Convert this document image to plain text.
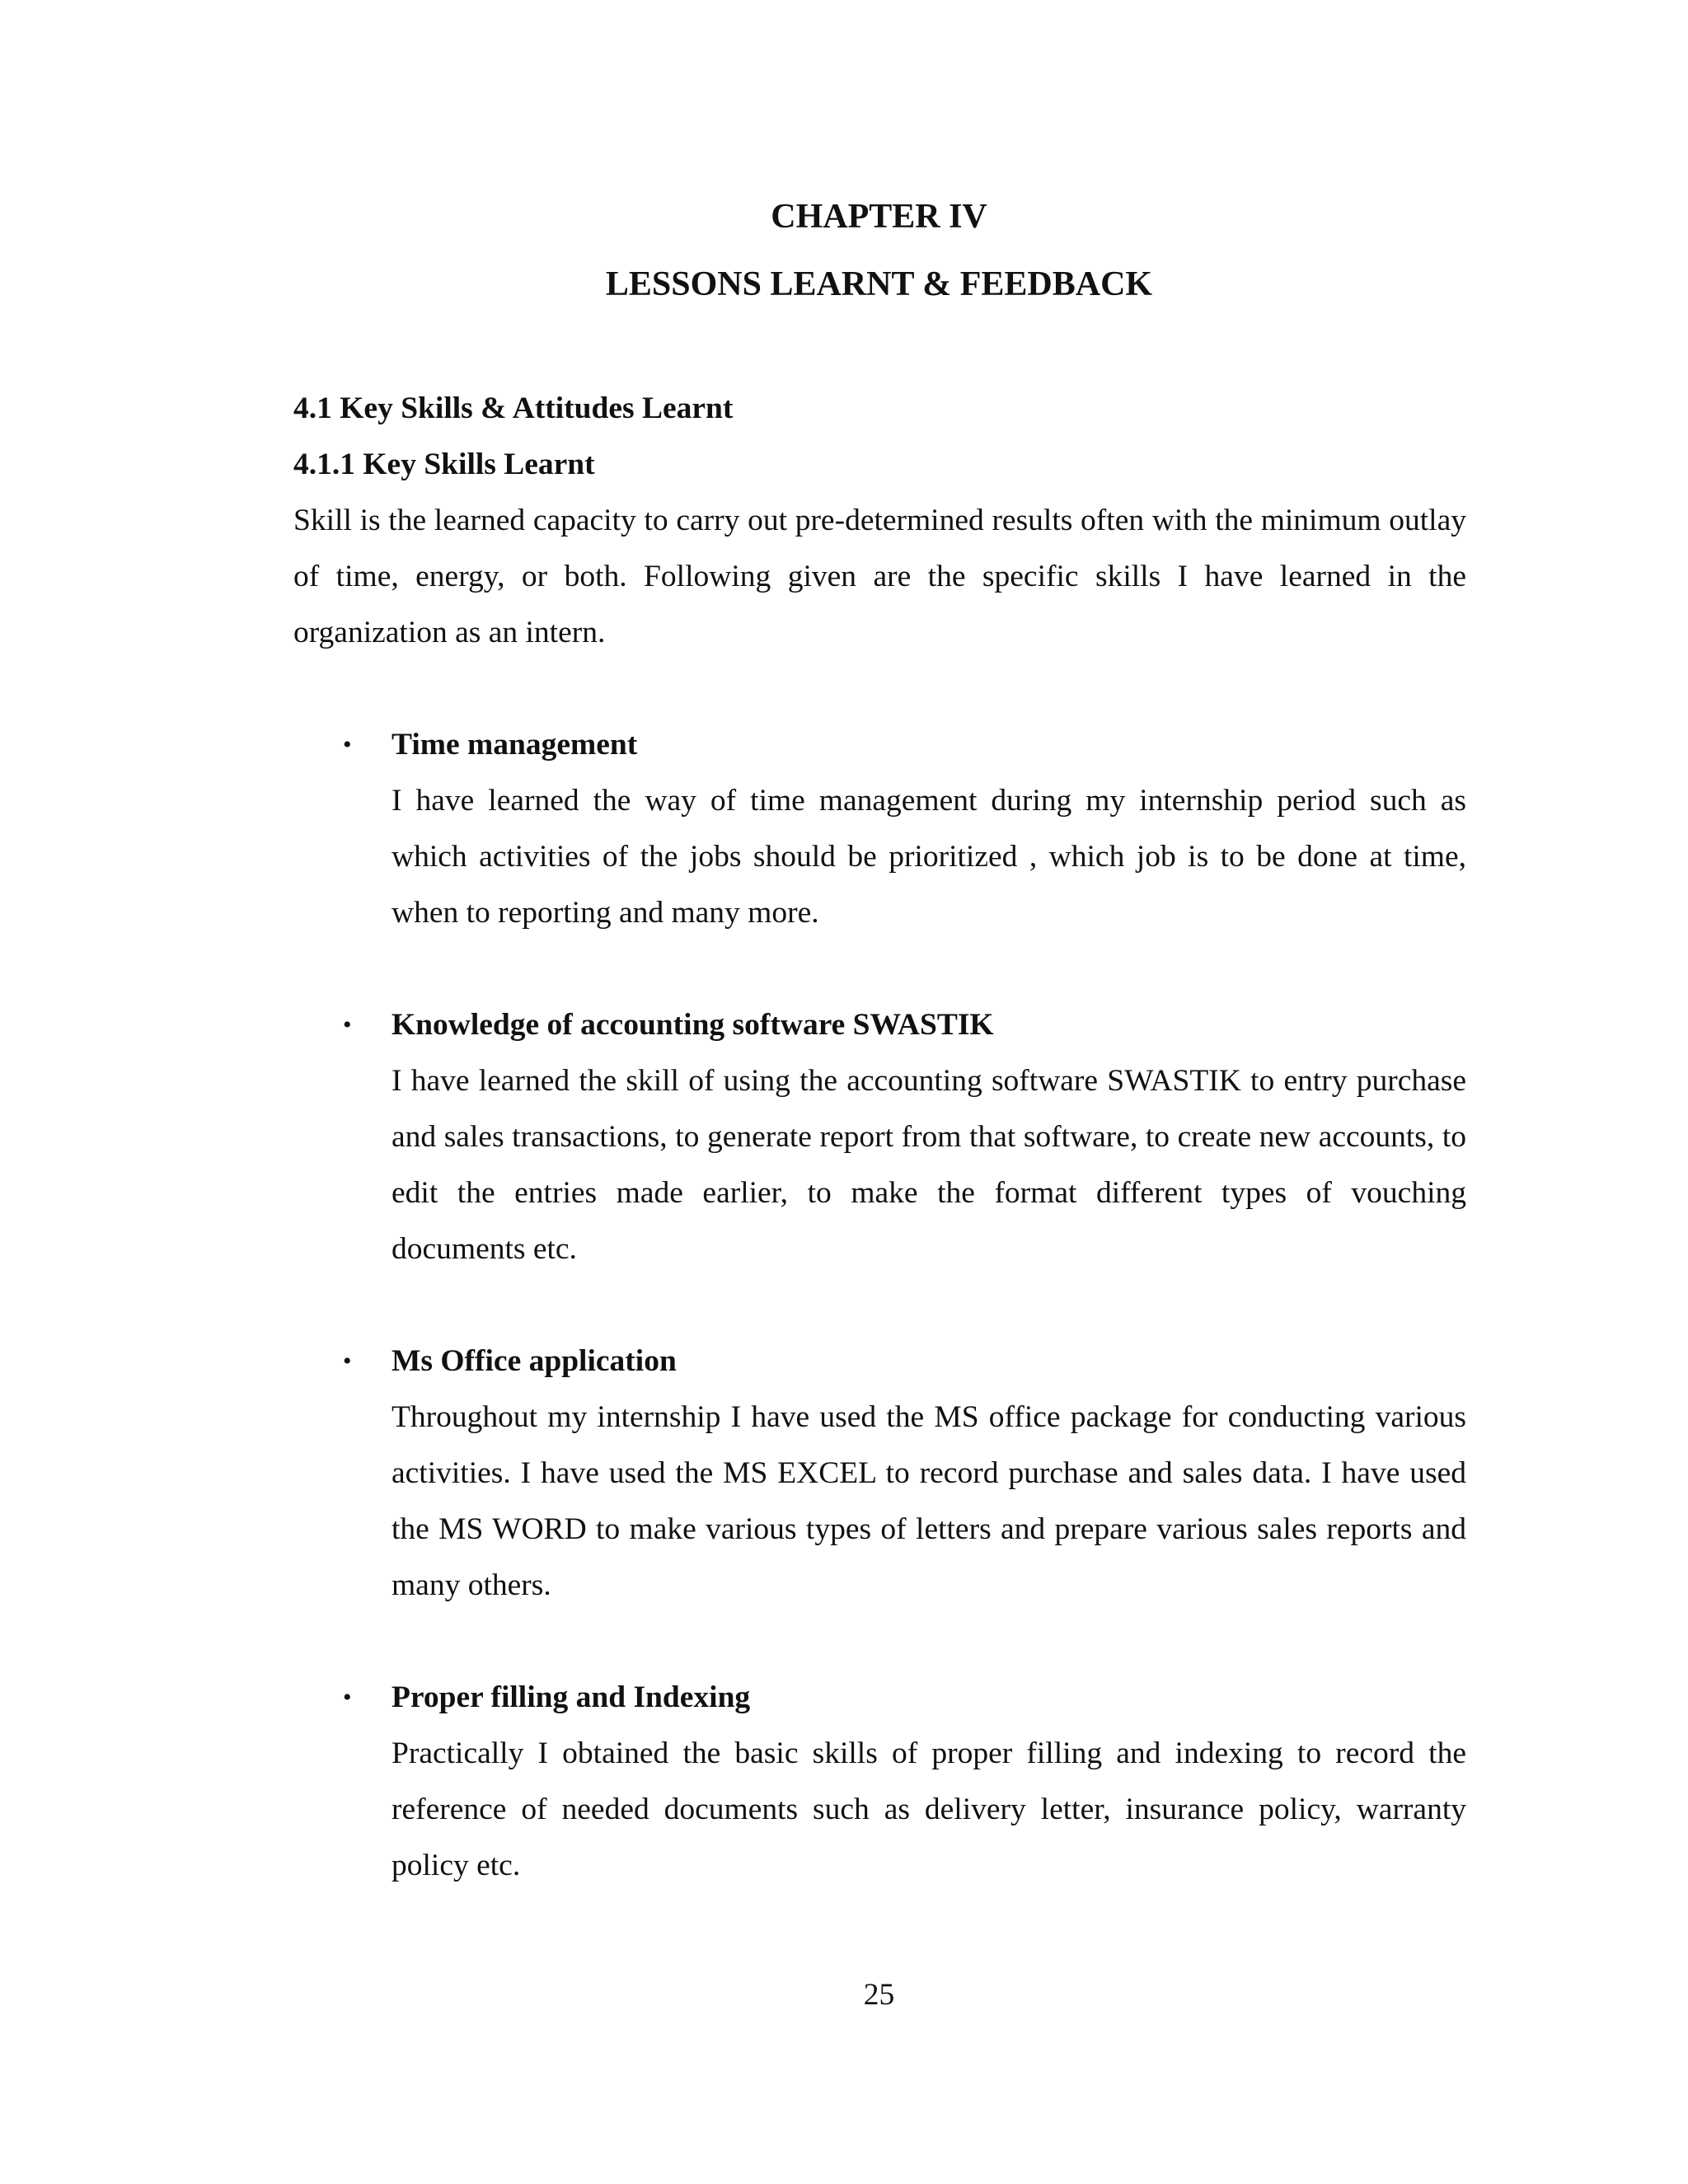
CHAPTER IV
LESSONS LEARNT & FEEDBACK

4.1 Key Skills & Attitudes Learnt

4.1.1 Key Skills Learnt

Skill is the learned capacity to carry out pre-determined results often with the minimum outlay of time, energy, or both. Following given are the specific skills I have learned in the organization as an intern.

• Time management

I have learned the way of time management during my internship period such as which activities of the jobs should be prioritized , which job is to be done at time, when to reporting and many more.

• Knowledge of accounting software SWASTIK

I have learned the skill of using the accounting software SWASTIK to entry purchase and sales transactions, to generate report from that software, to create new accounts, to edit the entries made earlier, to make the format different types of vouching documents etc.

• Ms Office application

Throughout my internship I have used the MS office package for conducting various activities. I have used the MS EXCEL to record purchase and sales data. I have used the MS WORD to make various types of letters and prepare various sales reports and many others.

• Proper filling and Indexing

Practically I obtained the basic skills of proper filling and indexing to record the reference of needed documents such as delivery letter, insurance policy, warranty policy etc.

25
